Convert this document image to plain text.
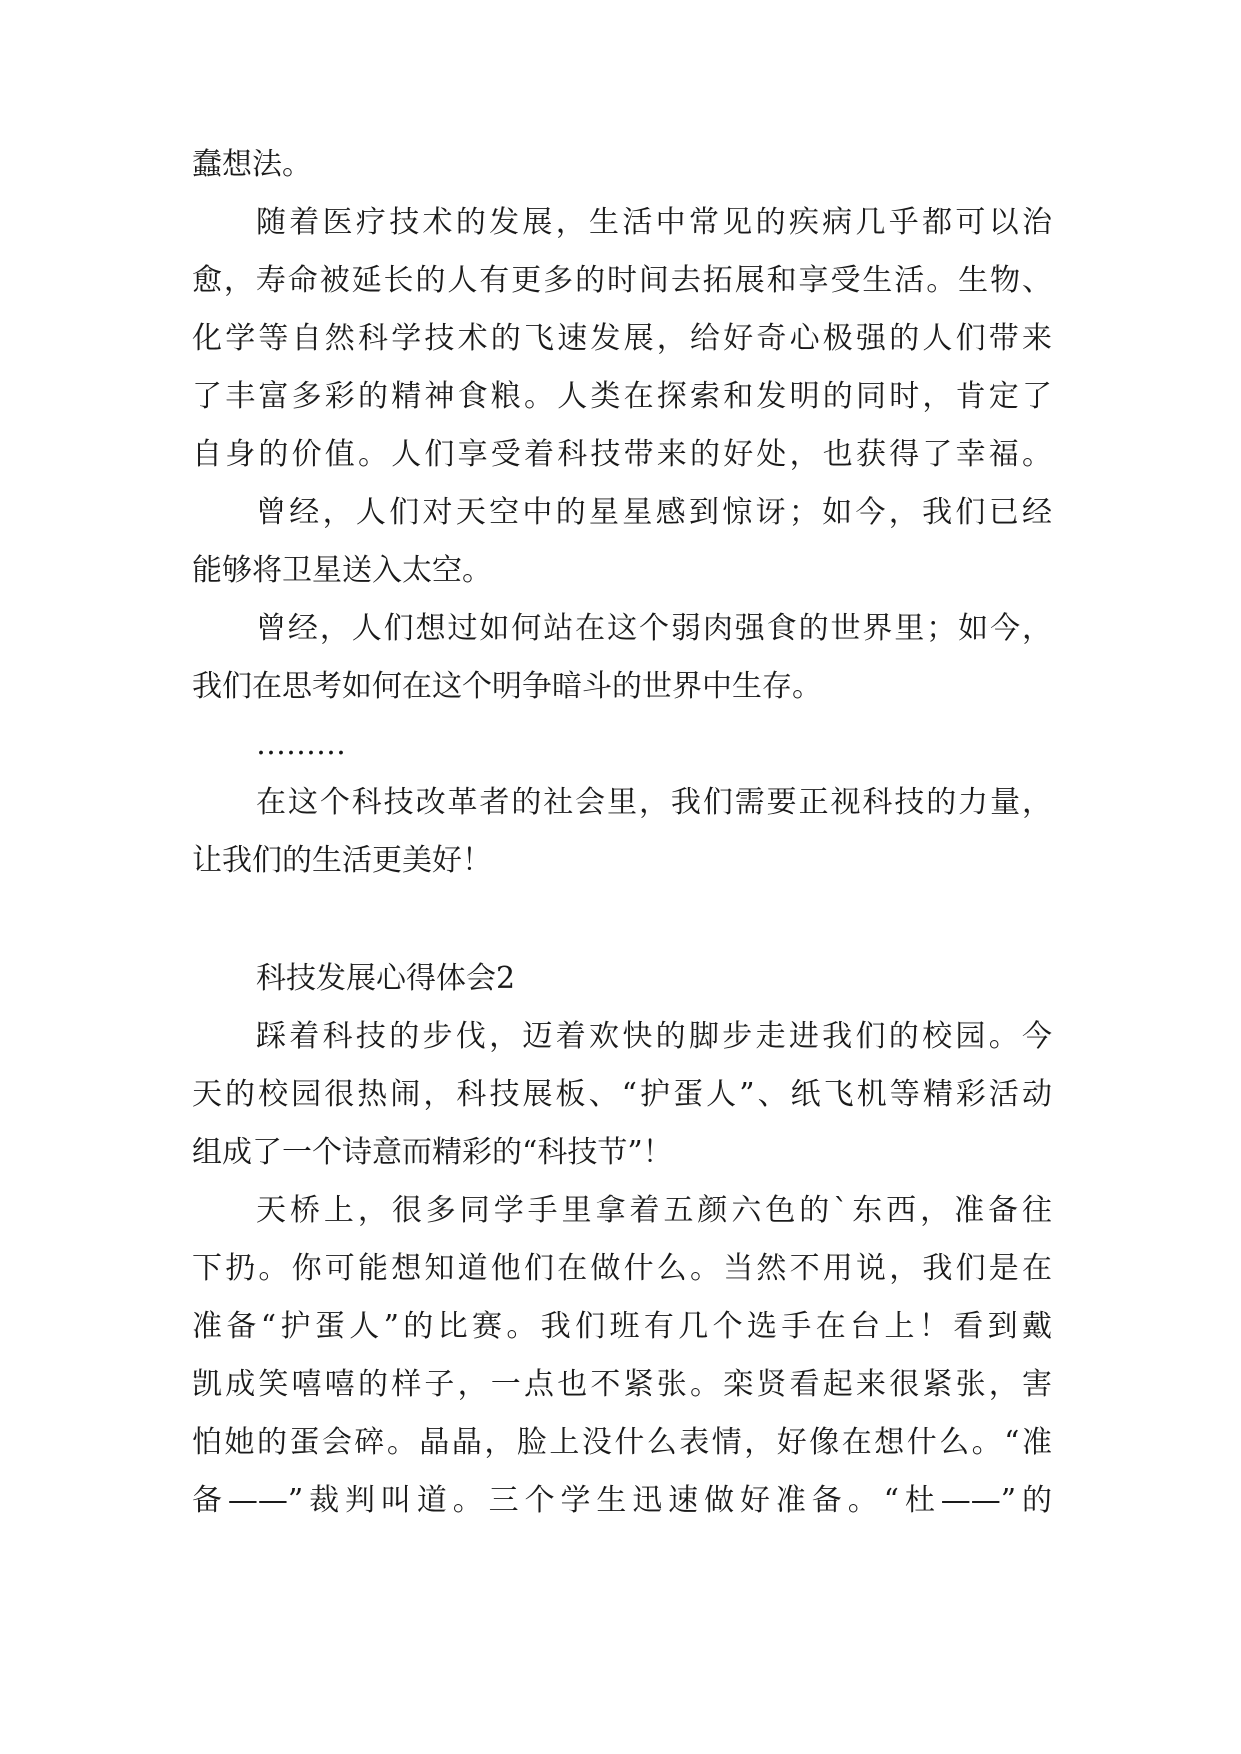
蠢想法。
随着医疗技术的发展，生活中常见的疾病几乎都可以治
愈，寿命被延长的人有更多的时间去拓展和享受生活。生物、
化学等自然科学技术的飞速发展，给好奇心极强的人们带来
了丰富多彩的精神食粮。人类在探索和发明的同时，肯定了
自身的价值。人们享受着科技带来的好处，也获得了幸福。
曾经，人们对天空中的星星感到惊讶；如今，我们已经
能够将卫星送入太空。
曾经，人们想过如何站在这个弱肉强食的世界里；如今，
我们在思考如何在这个明争暗斗的世界中生存。
………
在这个科技改革者的社会里，我们需要正视科技的力量，
让我们的生活更美好！
科技发展心得体会2
踩着科技的步伐，迈着欢快的脚步走进我们的校园。今
天的校园很热闹，科技展板、“护蛋人”、纸飞机等精彩活动
组成了一个诗意而精彩的“科技节”！
天桥上，很多同学手里拿着五颜六色的`东西，准备往
下扔。你可能想知道他们在做什么。当然不用说，我们是在
准备“护蛋人”的比赛。我们班有几个选手在台上！看到戴
凯成笑嘻嘻的样子，一点也不紧张。栾贤看起来很紧张，害
怕她的蛋会碎。晶晶，脸上没什么表情，好像在想什么。“准
备——”裁判叫道。三个学生迅速做好准备。“杜——”的
